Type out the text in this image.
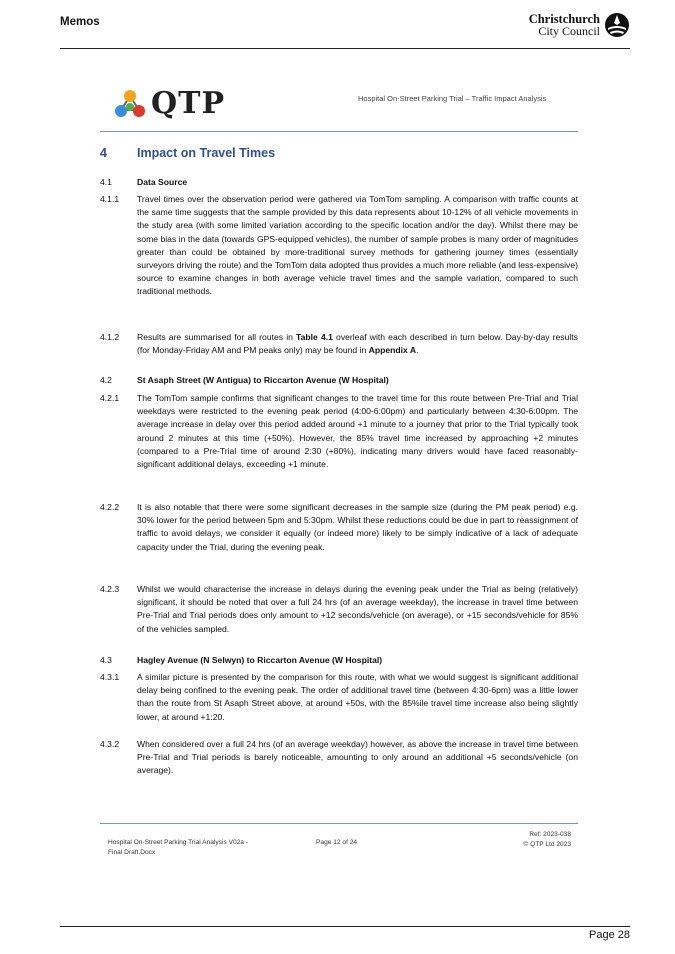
Memos	Christchurch
City Council
QTP	Hospital On-Street Parking Trial – Traffic Impact Analysis
4 Impact on Travel Times
4.1	Data Source
4.1.1 Travel times over the observation period were gathered via TomTom sampling. A comparison with traffic counts at the same time suggests that the sample provided by this data represents about 10-12% of all vehicle movements in the study area (with some limited variation according to the specific location and/or the day). Whilst there may be some bias in the data (towards GPS-equipped vehicles), the number of sample probes is many order of magnitudes greater than could be obtained by more-traditional survey methods for gathering journey times (essentially surveyors driving the route) and the TomTom data adopted thus provides a much more reliable (and less-expensive) source to examine changes in both average vehicle travel times and the sample variation, compared to such traditional methods.
4.1.2 Results are summarised for all routes in Table 4.1 overleaf with each described in turn below. Day-by-day results (for Monday-Friday AM and PM peaks only) may be found in Appendix A.
4.2	St Asaph Street (W Antigua) to Riccarton Avenue (W Hospital)
4.2.1 The TomTom sample confirms that significant changes to the travel time for this route between Pre-Trial and Trial weekdays were restricted to the evening peak period (4:00-6:00pm) and particularly between 4:30-6:00pm. The average increase in delay over this period added around +1 minute to a journey that prior to the Trial typically took around 2 minutes at this time (+50%). However, the 85% travel time increased by approaching +2 minutes (compared to a Pre-Trial time of around 2:30 (+80%), indicating many drivers would have faced reasonably-significant additional delays, exceeding +1 minute.
4.2.2 It is also notable that there were some significant decreases in the sample size (during the PM peak period) e.g. 30% lower for the period between 5pm and 5:30pm. Whilst these reductions could be due in part to reassignment of traffic to avoid delays, we consider it equally (or indeed more) likely to be simply indicative of a lack of adequate capacity under the Trial, during the evening peak.
4.2.3 Whilst we would characterise the increase in delays during the evening peak under the Trial as being (relatively) significant, it should be noted that over a full 24 hrs (of an average weekday), the increase in travel time between Pre-Trial and Trial periods does only amount to +12 seconds/vehicle (on average), or +15 seconds/vehicle for 85% of the vehicles sampled.
4.3	Hagley Avenue (N Selwyn) to Riccarton Avenue (W Hospital)
4.3.1 A similar picture is presented by the comparison for this route, with what we would suggest is significant additional delay being confined to the evening peak. The order of additional travel time (between 4:30-6pm) was a little lower than the route from St Asaph Street above, at around +50s, with the 85%ile travel time increase also being slightly lower, at around +1:20.
4.3.2 When considered over a full 24 hrs (of an average weekday) however, as above the increase in travel time between Pre-Trial and Trial periods is barely noticeable, amounting to only around an additional +5 seconds/vehicle (on average).
Hospital On-Street Parking Trial Analysis V02a -
Final Draft.Docx
Page 12 of 24
Ref: 2023-038
© QTP Ltd 2023
Page 28
